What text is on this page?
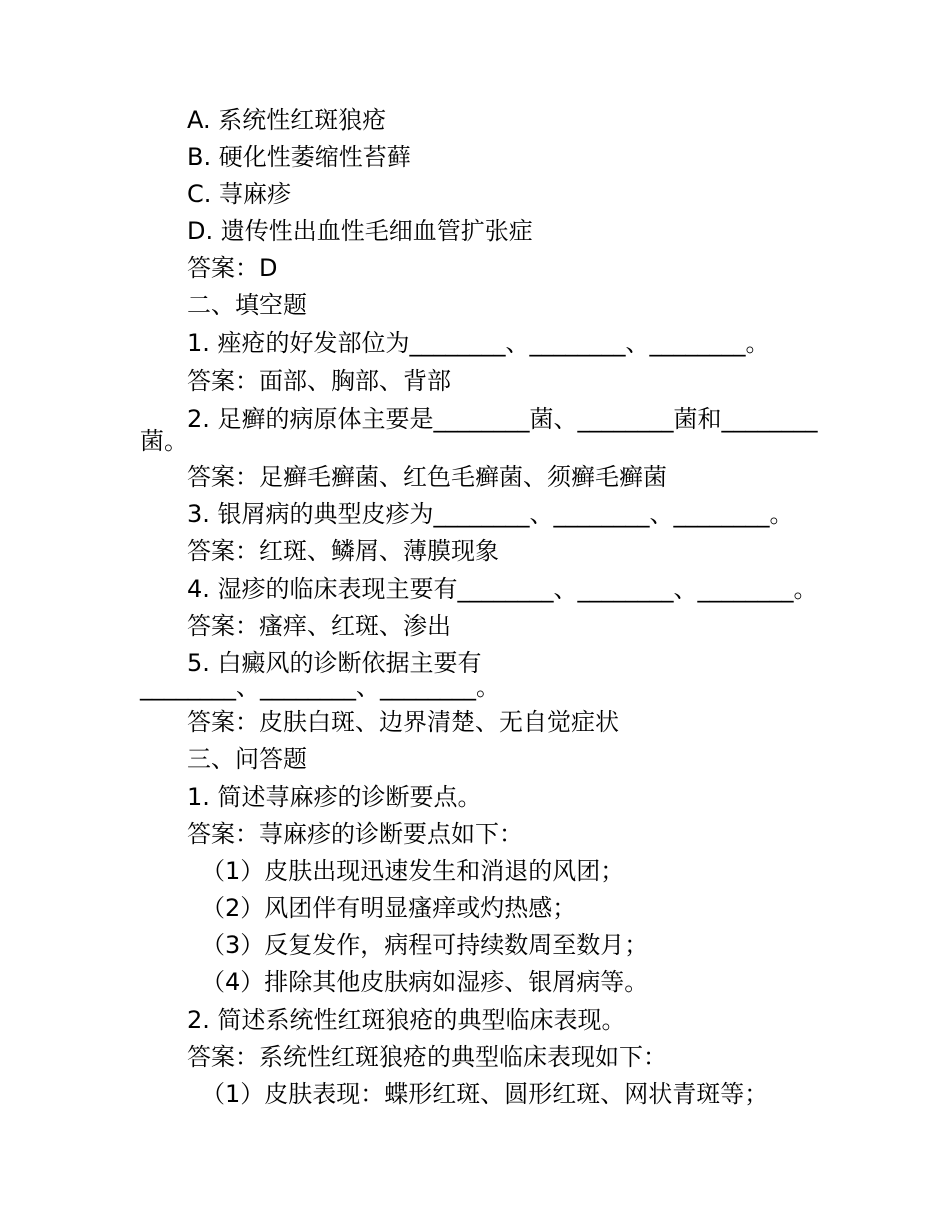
A. 系统性红斑狼疮

B. 硬化性萎缩性苔藓

C. 荨麻疹

D. 遗传性出血性毛细血管扩张症

答案：D

二、填空题

1. 痤疮的好发部位为________、________、________。

答案：面部、胸部、背部

2. 足癣的病原体主要是________菌、________菌和________

菌。

答案：足癣毛癣菌、红色毛癣菌、须癣毛癣菌

3. 银屑病的典型皮疹为________、________、________。

答案：红斑、鳞屑、薄膜现象

4. 湿疹的临床表现主要有________、________、________。

答案：瘙痒、红斑、渗出

5. 白癜风的诊断依据主要有

________、________、________。

答案：皮肤白斑、边界清楚、无自觉症状

三、问答题

1. 简述荨麻疹的诊断要点。

答案：荨麻疹的诊断要点如下：

（1）皮肤出现迅速发生和消退的风团；

（2）风团伴有明显瘙痒或灼热感；

（3）反复发作，病程可持续数周至数月；

（4）排除其他皮肤病如湿疹、银屑病等。

2. 简述系统性红斑狼疮的典型临床表现。

答案：系统性红斑狼疮的典型临床表现如下：

（1）皮肤表现：蝶形红斑、圆形红斑、网状青斑等；
